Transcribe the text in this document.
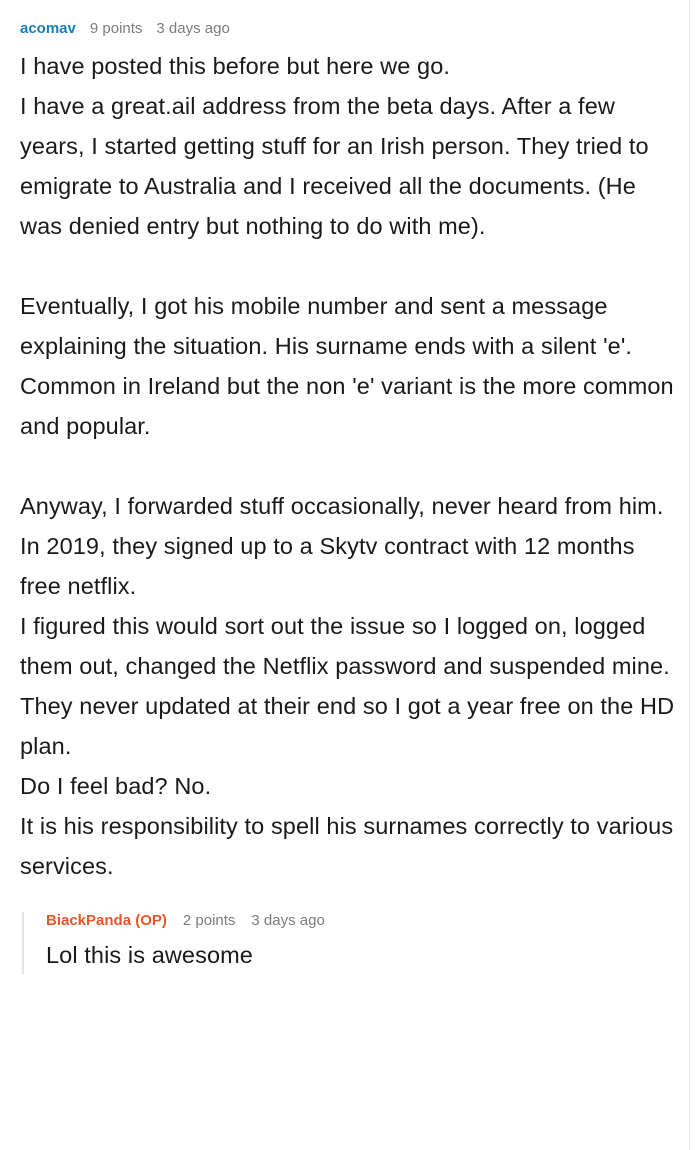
acomav 9 points 3 days ago

I have posted this before but here we go.
I have a great.ail address from the beta days. After a few years, I started getting stuff for an Irish person. They tried to emigrate to Australia and I received all the documents. (He was denied entry but nothing to do with me).

Eventually, I got his mobile number and sent a message explaining the situation. His surname ends with a silent 'e'. Common in Ireland but the non 'e' variant is the more common and popular.

Anyway, I forwarded stuff occasionally, never heard from him.
In 2019, they signed up to a Skytv contract with 12 months free netflix.
I figured this would sort out the issue so I logged on, logged them out, changed the Netflix password and suspended mine.
They never updated at their end so I got a year free on the HD plan.
Do I feel bad? No.
It is his responsibility to spell his surnames correctly to various services.

BiackPanda (OP) 2 points 3 days ago

Lol this is awesome
